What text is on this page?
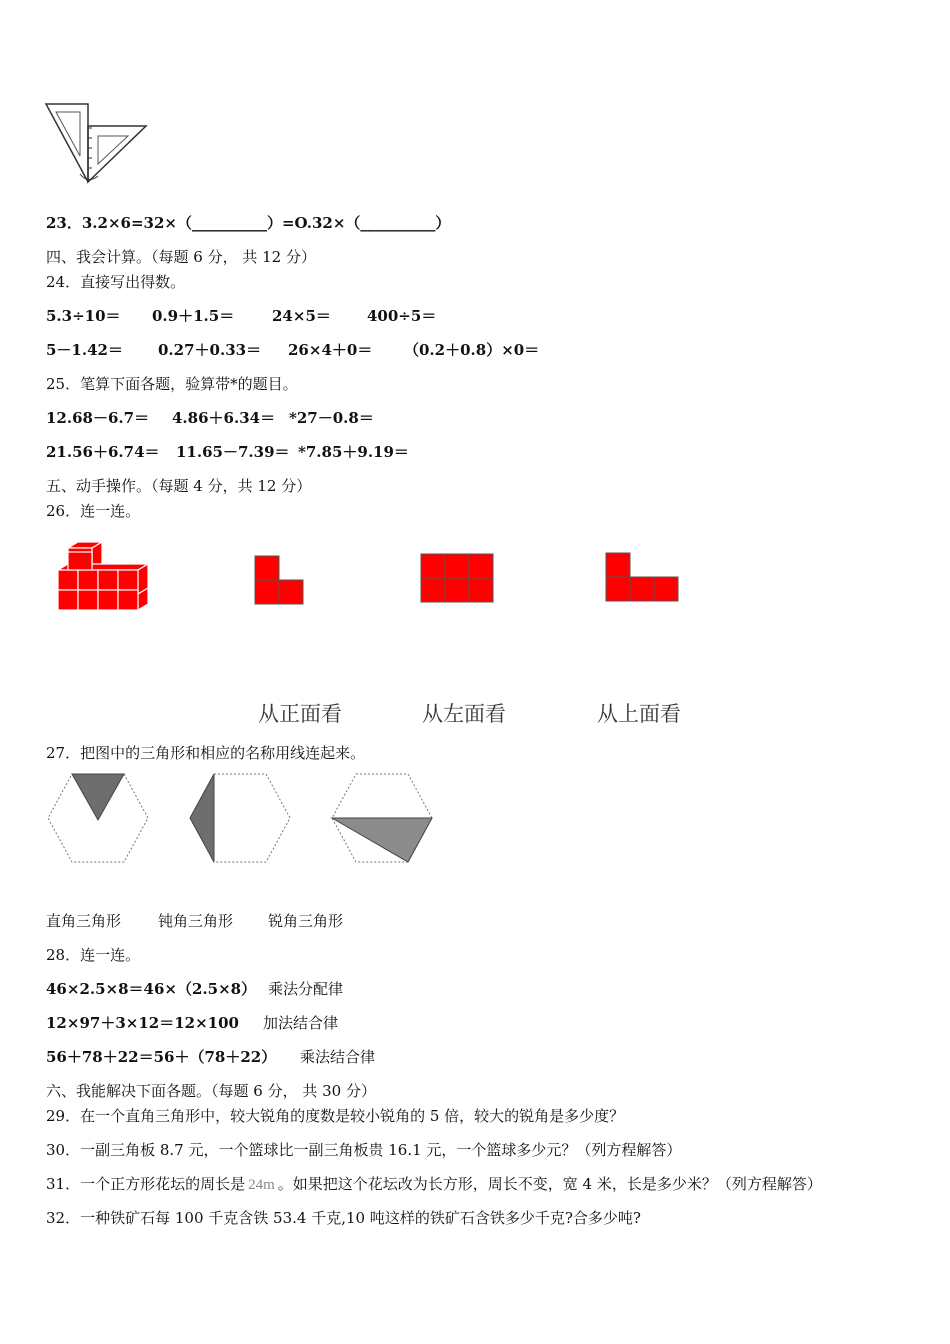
23．3.2×6=32×（__________）=O.32×（__________）
四、我会计算。（每题 6 分， 共 12 分）
24．直接写出得数。
5.3÷10＝ 0.9＋1.5＝	24×5＝ 400÷5＝
5－1.42＝ 0.27＋0.33＝ 26×4＋0＝ （0.2＋0.8）×0＝
25．笔算下面各题，验算带*的题目。
12.68－6.7＝ 4.86＋6.34＝ *27－0.8＝
21.56＋6.74＝ 11.65－7.39＝ *7.85＋9.19＝
五、动手操作。（每题 4 分，共 12 分）
26．连一连。
从正面看	从左面看	从上面看
27．把图中的三角形和相应的名称用线连起来。
直角三角形 钝角三角形 锐角三角形
28．连一连。
46×2.5×8＝46×（2.5×8） 乘法分配律
12×97＋3×12＝12×100 加法结合律
56＋78＋22＝56＋（78＋22） 乘法结合律
六、我能解决下面各题。（每题 6 分， 共 30 分）
29．在一个直角三角形中，较大锐角的度数是较小锐角的 5 倍，较大的锐角是多少度？
30．一副三角板 8.7 元，一个篮球比一副三角板贵 16.1 元，一个篮球多少元？（列方程解答）
31．一个正方形花坛的周长是 24m 。如果把这个花坛改为长方形，周长不变，宽 4 米，长是多少米？（列方程解答）
32．一种铁矿石每 100 千克含铁 53.4 千克,10 吨这样的铁矿石含铁多少千克?合多少吨?
